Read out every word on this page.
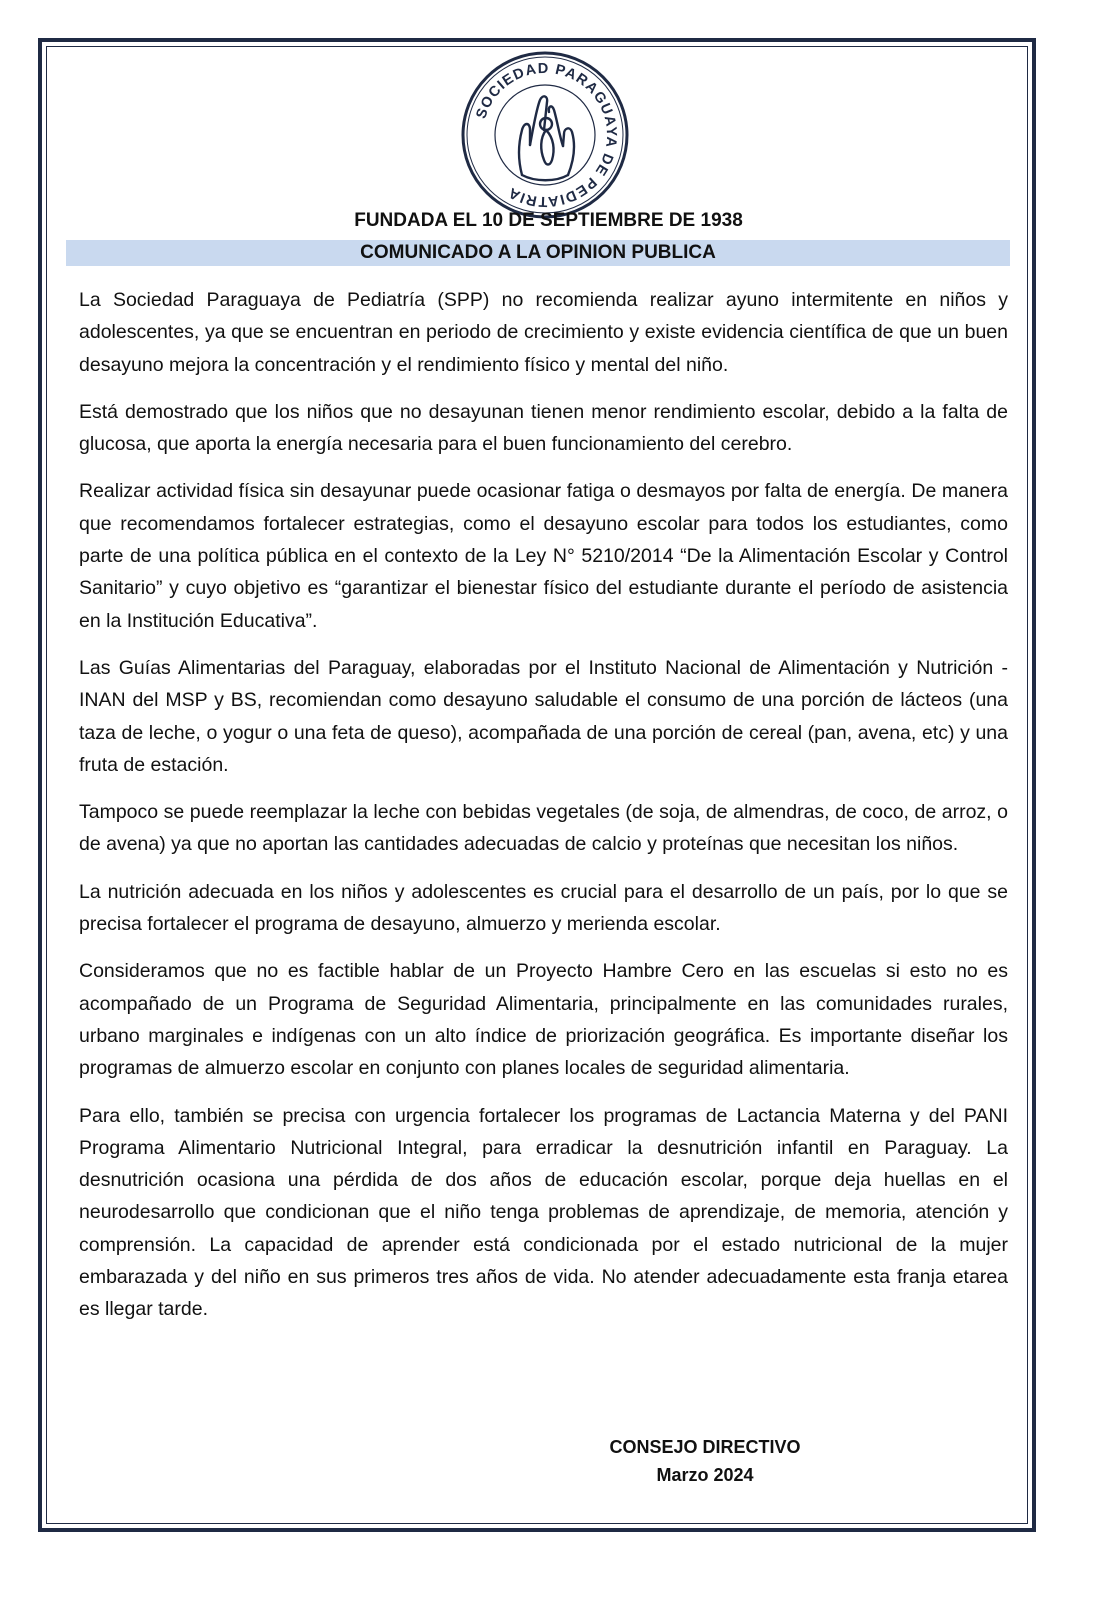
SOCIEDAD PARAGUAYA DE PEDIATRIA
FUNDADA EL 10 DE SEPTIEMBRE DE 1938
COMUNICADO A LA OPINION PUBLICA

La Sociedad Paraguaya de Pediatría (SPP) no recomienda realizar ayuno intermitente en niños y adolescentes, ya que se encuentran en periodo de crecimiento y existe evidencia científica de que un buen desayuno mejora la concentración y el rendimiento físico y mental del niño.

Está demostrado que los niños que no desayunan tienen menor rendimiento escolar, debido a la falta de glucosa, que aporta la energía necesaria para el buen funcionamiento del cerebro.

Realizar actividad física sin desayunar puede ocasionar fatiga o desmayos por falta de energía. De manera que recomendamos fortalecer estrategias, como el desayuno escolar para todos los estudiantes, como parte de una política pública en el contexto de la Ley N° 5210/2014 “De la Alimentación Escolar y Control Sanitario” y cuyo objetivo es “garantizar el bienestar físico del estudiante durante el período de asistencia en la Institución Educativa”.

Las Guías Alimentarias del Paraguay, elaboradas por el Instituto Nacional de Alimentación y Nutrición - INAN del MSP y BS, recomiendan como desayuno saludable el consumo de una porción de lácteos (una taza de leche, o yogur o una feta de queso), acompañada de una porción de cereal (pan, avena, etc) y una fruta de estación.

Tampoco se puede reemplazar la leche con bebidas vegetales (de soja, de almendras, de coco, de arroz, o de avena) ya que no aportan las cantidades adecuadas de calcio y proteínas que necesitan los niños.

La nutrición adecuada en los niños y adolescentes es crucial para el desarrollo de un país, por lo que se precisa fortalecer el programa de desayuno, almuerzo y merienda escolar.

Consideramos que no es factible hablar de un Proyecto Hambre Cero en las escuelas si esto no es acompañado de un Programa de Seguridad Alimentaria, principalmente en las comunidades rurales, urbano marginales e indígenas con un alto índice de priorización geográfica. Es importante diseñar los programas de almuerzo escolar en conjunto con planes locales de seguridad alimentaria.

Para ello, también se precisa con urgencia fortalecer los programas de Lactancia Materna y del PANI Programa Alimentario Nutricional Integral, para erradicar la desnutrición infantil en Paraguay. La desnutrición ocasiona una pérdida de dos años de educación escolar, porque deja huellas en el neurodesarrollo que condicionan que el niño tenga problemas de aprendizaje, de memoria, atención y comprensión. La capacidad de aprender está condicionada por el estado nutricional de la mujer embarazada y del niño en sus primeros tres años de vida. No atender adecuadamente esta franja etarea es llegar tarde.

CONSEJO DIRECTIVO
Marzo 2024
